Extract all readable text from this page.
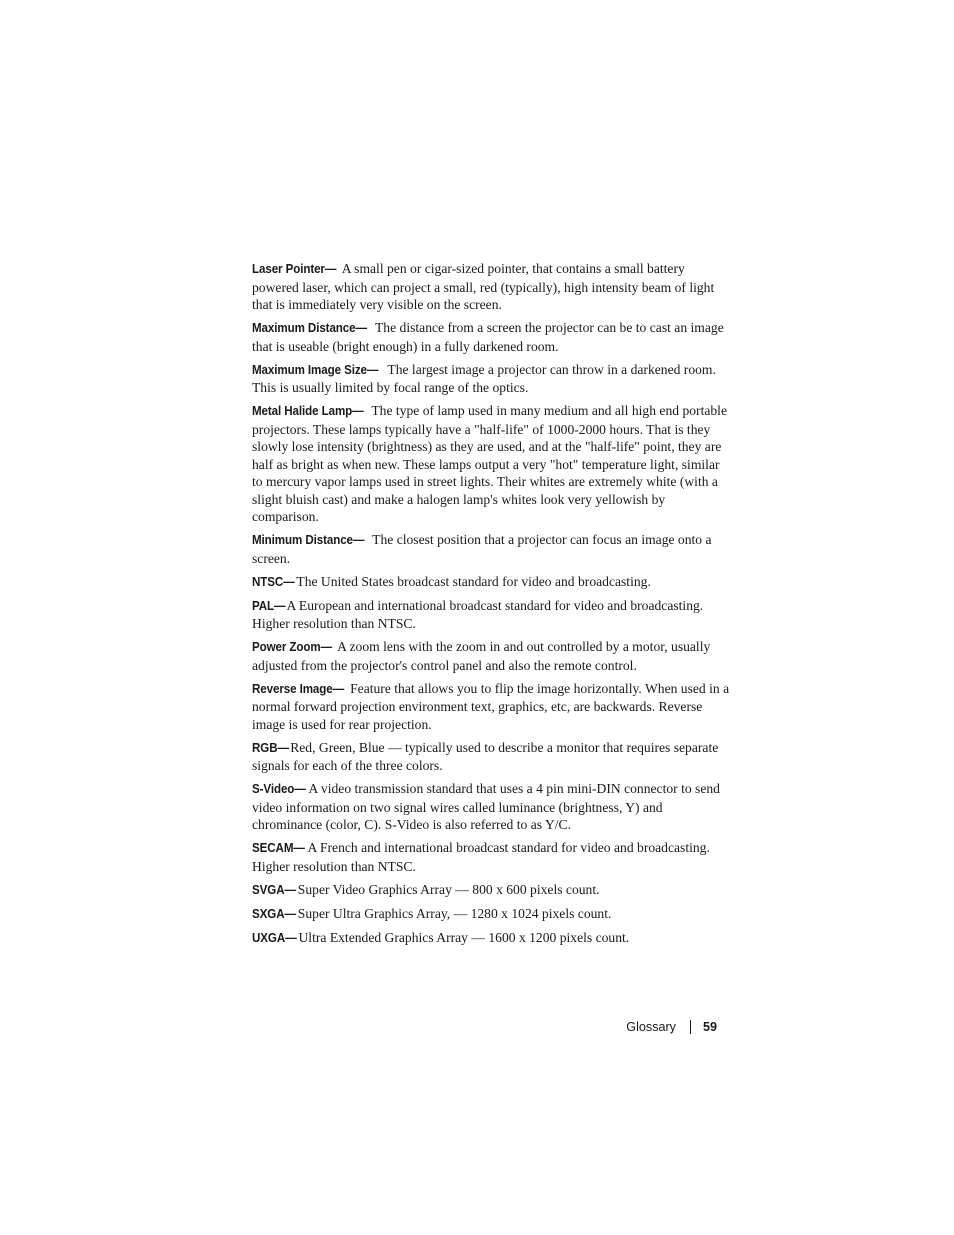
Laser Pointer— A small pen or cigar-sized pointer, that contains a small battery powered laser, which can project a small, red (typically), high intensity beam of light that is immediately very visible on the screen.

Maximum Distance— The distance from a screen the projector can be to cast an image that is useable (bright enough) in a fully darkened room.

Maximum Image Size— The largest image a projector can throw in a darkened room. This is usually limited by focal range of the optics.

Metal Halide Lamp— The type of lamp used in many medium and all high end portable projectors. These lamps typically have a "half-life" of 1000-2000 hours. That is they slowly lose intensity (brightness) as they are used, and at the "half-life" point, they are half as bright as when new. These lamps output a very "hot" temperature light, similar to mercury vapor lamps used in street lights. Their whites are extremely white (with a slight bluish cast) and make a halogen lamp's whites look very yellowish by comparison.

Minimum Distance— The closest position that a projector can focus an image onto a screen.

NTSC— The United States broadcast standard for video and broadcasting.

PAL—A European and international broadcast standard for video and broadcasting. Higher resolution than NTSC.

Power Zoom— A zoom lens with the zoom in and out controlled by a motor, usually adjusted from the projector's control panel and also the remote control.

Reverse Image— Feature that allows you to flip the image horizontally. When used in a normal forward projection environment text, graphics, etc, are backwards. Reverse image is used for rear projection.

RGB—Red, Green, Blue — typically used to describe a monitor that requires separate signals for each of the three colors.

S-Video— A video transmission standard that uses a 4 pin mini-DIN connector to send video information on two signal wires called luminance (brightness, Y) and chrominance (color, C). S-Video is also referred to as Y/C.

SECAM— A French and international broadcast standard for video and broadcasting. Higher resolution than NTSC.

SVGA— Super Video Graphics Array — 800 x 600 pixels count.

SXGA— Super Ultra Graphics Array, — 1280 x 1024 pixels count.

UXGA— Ultra Extended Graphics Array — 1600 x 1200 pixels count.

Glossary 59
